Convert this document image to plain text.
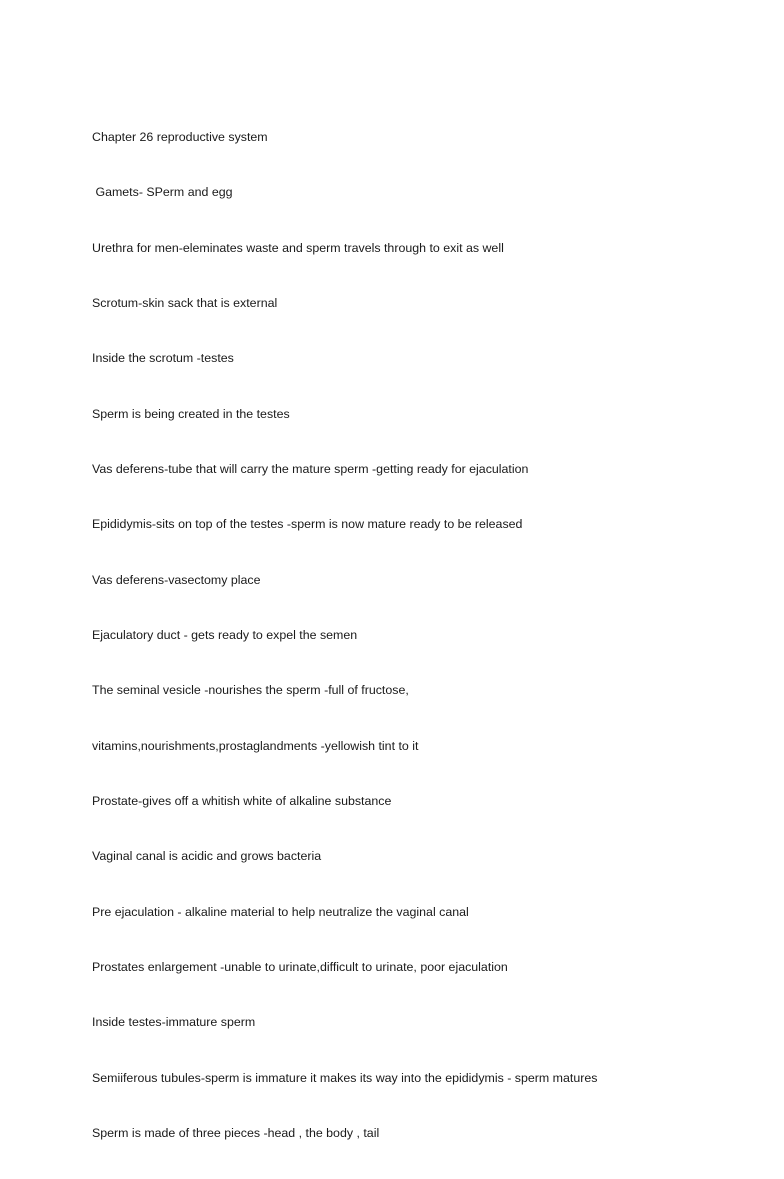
Chapter 26 reproductive system

Gamets- SPerm and egg

Urethra for men-eleminates waste and sperm travels through to exit as well

Scrotum-skin sack that is external

Inside the scrotum -testes

Sperm is being created in the testes

Vas deferens-tube that will carry the mature sperm -getting ready for ejaculation

Epididymis-sits on top of the testes -sperm is now mature ready to be released

Vas deferens-vasectomy place

Ejaculatory duct - gets ready to expel the semen

The seminal vesicle -nourishes the sperm -full of fructose,

vitamins,nourishments,prostaglandments -yellowish tint to it

Prostate-gives off a whitish white of alkaline substance

Vaginal canal is acidic and grows bacteria

Pre ejaculation - alkaline material to help neutralize the vaginal canal

Prostates enlargement -unable to urinate,difficult to urinate, poor ejaculation

Inside testes-immature sperm

Semiiferous tubules-sperm is immature it makes its way into the epididymis - sperm matures

Sperm is made of three pieces -head , the body , tail
